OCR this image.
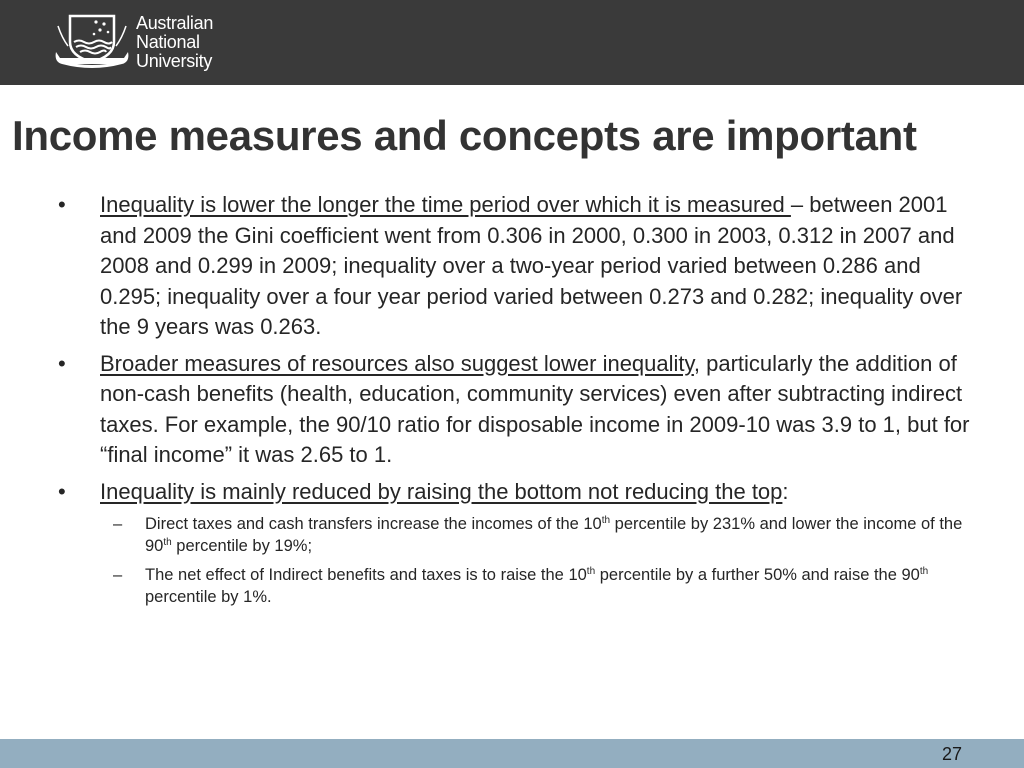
Australian
National
University
Income measures and concepts are important
• Inequality is lower the longer the time period over which it is measured – between 2001 and 2009 the Gini coefficient went from 0.306 in 2000, 0.300 in 2003, 0.312 in 2007 and 2008 and 0.299 in 2009; inequality over a two-year period varied between 0.286 and 0.295; inequality over a four year period varied between 0.273 and 0.282; inequality over the 9 years was 0.263.
• Broader measures of resources also suggest lower inequality, particularly the addition of non-cash benefits (health, education, community services) even after subtracting indirect taxes. For example, the 90/10 ratio for disposable income in 2009-10 was 3.9 to 1, but for “final income” it was 2.65 to 1.
• Inequality is mainly reduced by raising the bottom not reducing the top:
– Direct taxes and cash transfers increase the incomes of the 10th percentile by 231% and lower the income of the 90th percentile by 19%;
– The net effect of Indirect benefits and taxes is to raise the 10th percentile by a further 50% and raise the 90th percentile by 1%.
27
